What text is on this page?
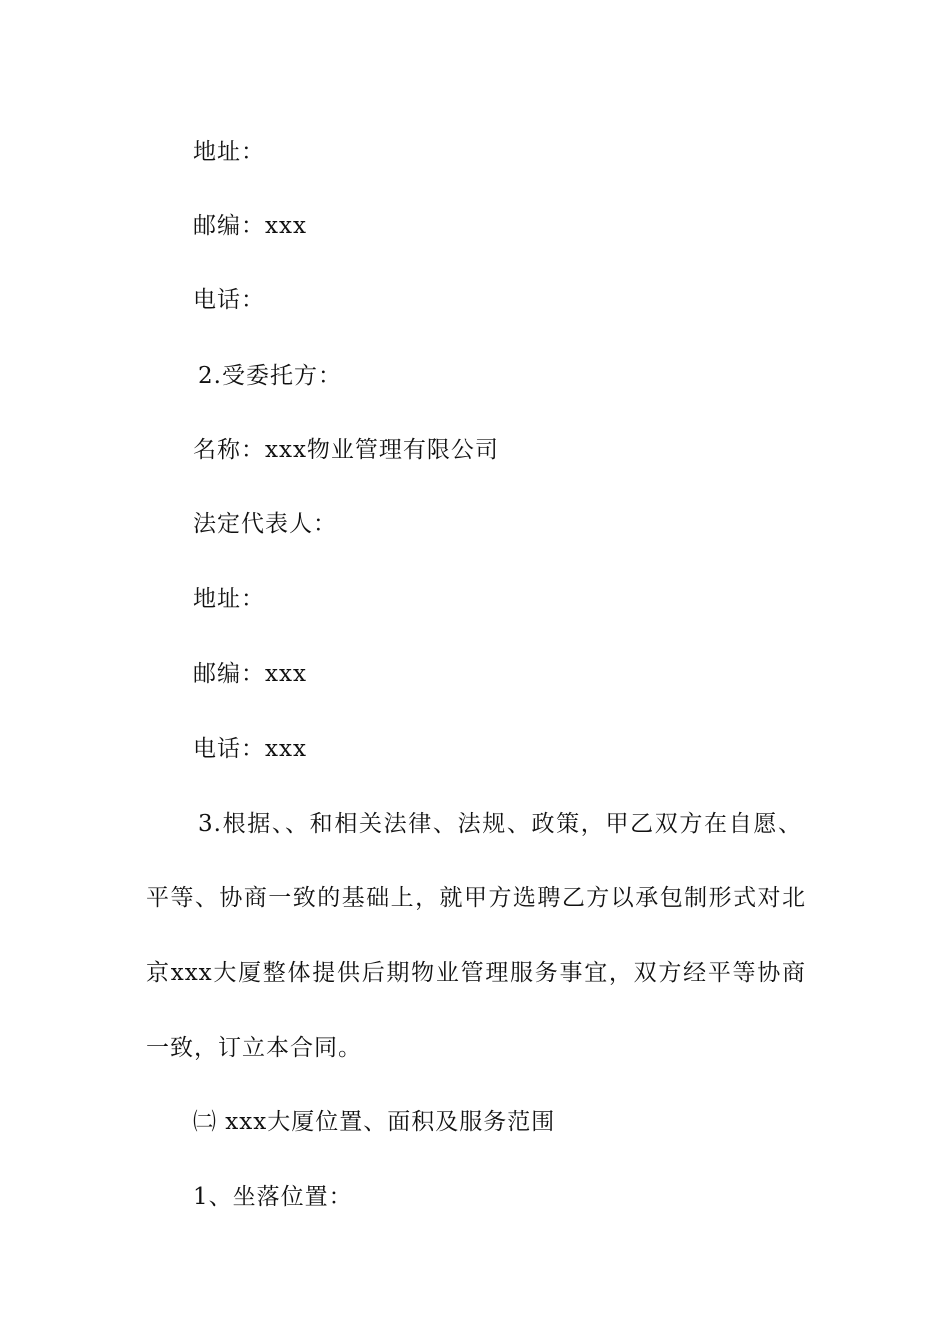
地址：
邮编：xxx
电话：
2.受委托方：
名称：xxx物业管理有限公司
法定代表人：
地址：
邮编：xxx
电话：xxx
3.根据、、和相关法律、法规、政策，甲乙双方在自愿、
平等、协商一致的基础上，就甲方选聘乙方以承包制形式对北
京xxx大厦整体提供后期物业管理服务事宜，双方经平等协商
一致，订立本合同。
㈡ xxx大厦位置、面积及服务范围
1、坐落位置：
